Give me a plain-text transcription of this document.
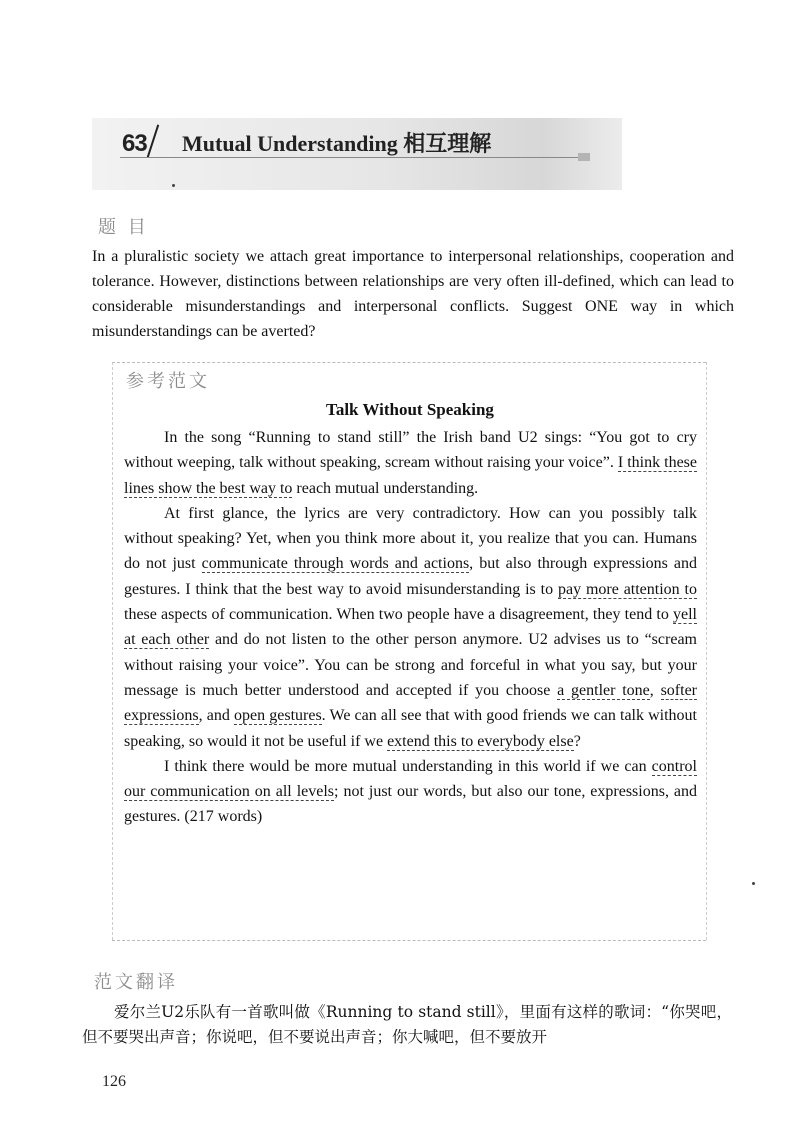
63 Mutual Understanding 相互理解
题 目
In a pluralistic society we attach great importance to interpersonal relationships, cooperation and tolerance. However, distinctions between relationships are very often ill-defined, which can lead to considerable misunderstandings and interpersonal conflicts. Suggest ONE way in which misunderstandings can be averted?
参考范文
Talk Without Speaking

In the song “Running to stand still” the Irish band U2 sings: “You got to cry without weeping, talk without speaking, scream without raising your voice”. I think these lines show the best way to reach mutual understanding.

At first glance, the lyrics are very contradictory. How can you possibly talk without speaking? Yet, when you think more about it, you realize that you can. Humans do not just communicate through words and actions, but also through expressions and gestures. I think that the best way to avoid misunderstanding is to pay more attention to these aspects of communication. When two people have a disagreement, they tend to yell at each other and do not listen to the other person anymore. U2 advises us to “scream without raising your voice”. You can be strong and forceful in what you say, but your message is much better understood and accepted if you choose a gentler tone, softer expressions, and open gestures. We can all see that with good friends we can talk without speaking, so would it not be useful if we extend this to everybody else?

I think there would be more mutual understanding in this world if we can control our communication on all levels; not just our words, but also our tone, expressions, and gestures. (217 words)

范文翻译
爱尔兰U2乐队有一首歌叫做《Running to stand still》，里面有这样的歌词：“你哭吧，但不要哭出声音；你说吧，但不要说出声音；你大喊吧，但不要放开
126
